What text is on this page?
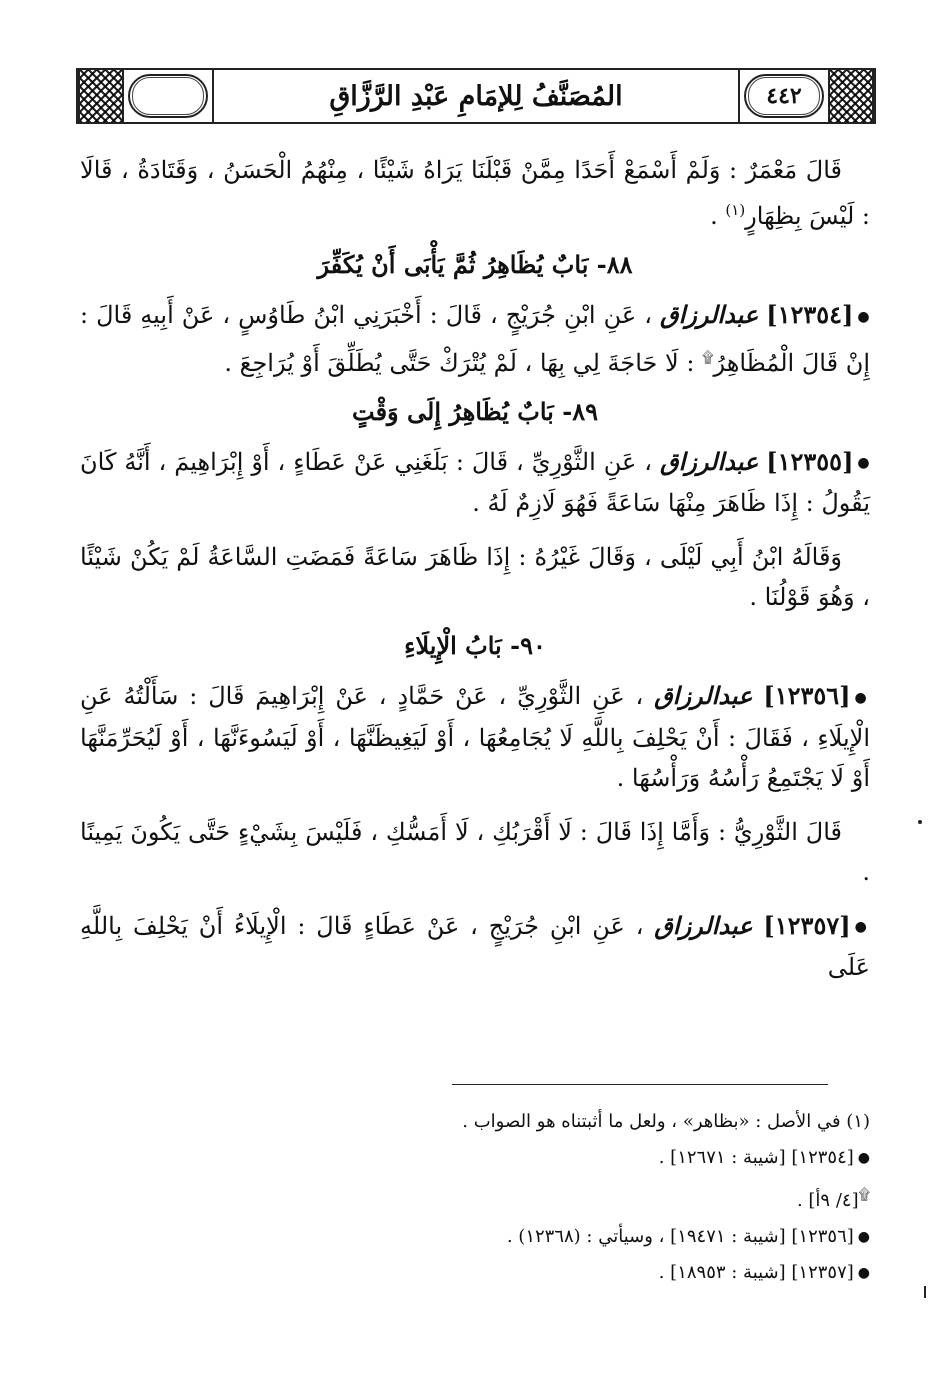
٤٤٢
المُصَنَّفُ لِلإمَامِ عَبْدِ الرَّزَّاقِ

قَالَ مَعْمَرٌ : وَلَمْ أَسْمَعْ أَحَدًا مِمَّنْ قَبْلَنَا يَرَاهُ شَيْئًا ، مِنْهُمُ الْحَسَنُ ، وَقَتَادَةُ ، قَالَا : لَيْسَ بِظِهَارٍ$^{(١)}$ .

٨٨- بَابٌ يُظَاهِرُ ثُمَّ يَأْبَى أَنْ يُكَفِّرَ

●[١٢٣٥٤] عبدالرزاق ، عَنِ ابْنِ جُرَيْجٍ ، قَالَ : أَخْبَرَنِي ابْنُ طَاوُسٍ ، عَنْ أَبِيهِ قَالَ : إِنْ قَالَ الْمُظَاهِرُ۩ : لَا حَاجَةَ لِي بِهَا ، لَمْ يُتْرَكْ حَتَّى يُطَلِّقَ أَوْ يُرَاجِعَ .

٨٩- بَابٌ يُظَاهِرُ إِلَى وَقْتٍ

●[١٢٣٥٥] عبدالرزاق ، عَنِ الثَّوْرِيِّ ، قَالَ : بَلَغَنِي عَنْ عَطَاءٍ ، أَوْ إِبْرَاهِيمَ ، أَنَّهُ كَانَ يَقُولُ : إِذَا ظَاهَرَ مِنْهَا سَاعَةً فَهُوَ لَازِمٌ لَهُ .

وَقَالَهُ ابْنُ أَبِي لَيْلَى ، وَقَالَ غَيْرُهُ : إِذَا ظَاهَرَ سَاعَةً فَمَضَتِ السَّاعَةُ لَمْ يَكُنْ شَيْئًا ، وَهُوَ قَوْلُنَا .

٩٠- بَابُ الْإِيلَاءِ

●[١٢٣٥٦] عبدالرزاق ، عَنِ الثَّوْرِيِّ ، عَنْ حَمَّادٍ ، عَنْ إِبْرَاهِيمَ قَالَ : سَأَلْتُهُ عَنِ الْإِيلَاءِ ، فَقَالَ : أَنْ يَحْلِفَ بِاللَّهِ لَا يُجَامِعُهَا ، أَوْ لَيَغِيظَنَّهَا ، أَوْ لَيَسُوءَنَّهَا ، أَوْ لَيُحَرِّمَنَّهَا أَوْ لَا يَجْتَمِعُ رَأْسُهُ وَرَأْسُهَا .

قَالَ الثَّوْرِيُّ : وَأَمَّا إِذَا قَالَ : لَا أَقْرَبُكِ ، لَا أَمَسُّكِ ، فَلَيْسَ بِشَيْءٍ حَتَّى يَكُونَ يَمِينًا .

●[١٢٣٥٧] عبدالرزاق ، عَنِ ابْنِ جُرَيْجٍ ، عَنْ عَطَاءٍ قَالَ : الْإِيلَاءُ أَنْ يَحْلِفَ بِاللَّهِ عَلَى

(١) في الأصل : «بظاهر» ، ولعل ما أثبتناه هو الصواب .

●[١٢٣٥٤] [شيبة : ١٢٦٧١] .

۩[٤/ ٩أ] .

●[١٢٣٥٦] [شيبة : ١٩٤٧١] ، وسيأتي : (١٢٣٦٨) .

●[١٢٣٥٧] [شيبة : ١٨٩٥٣] .
